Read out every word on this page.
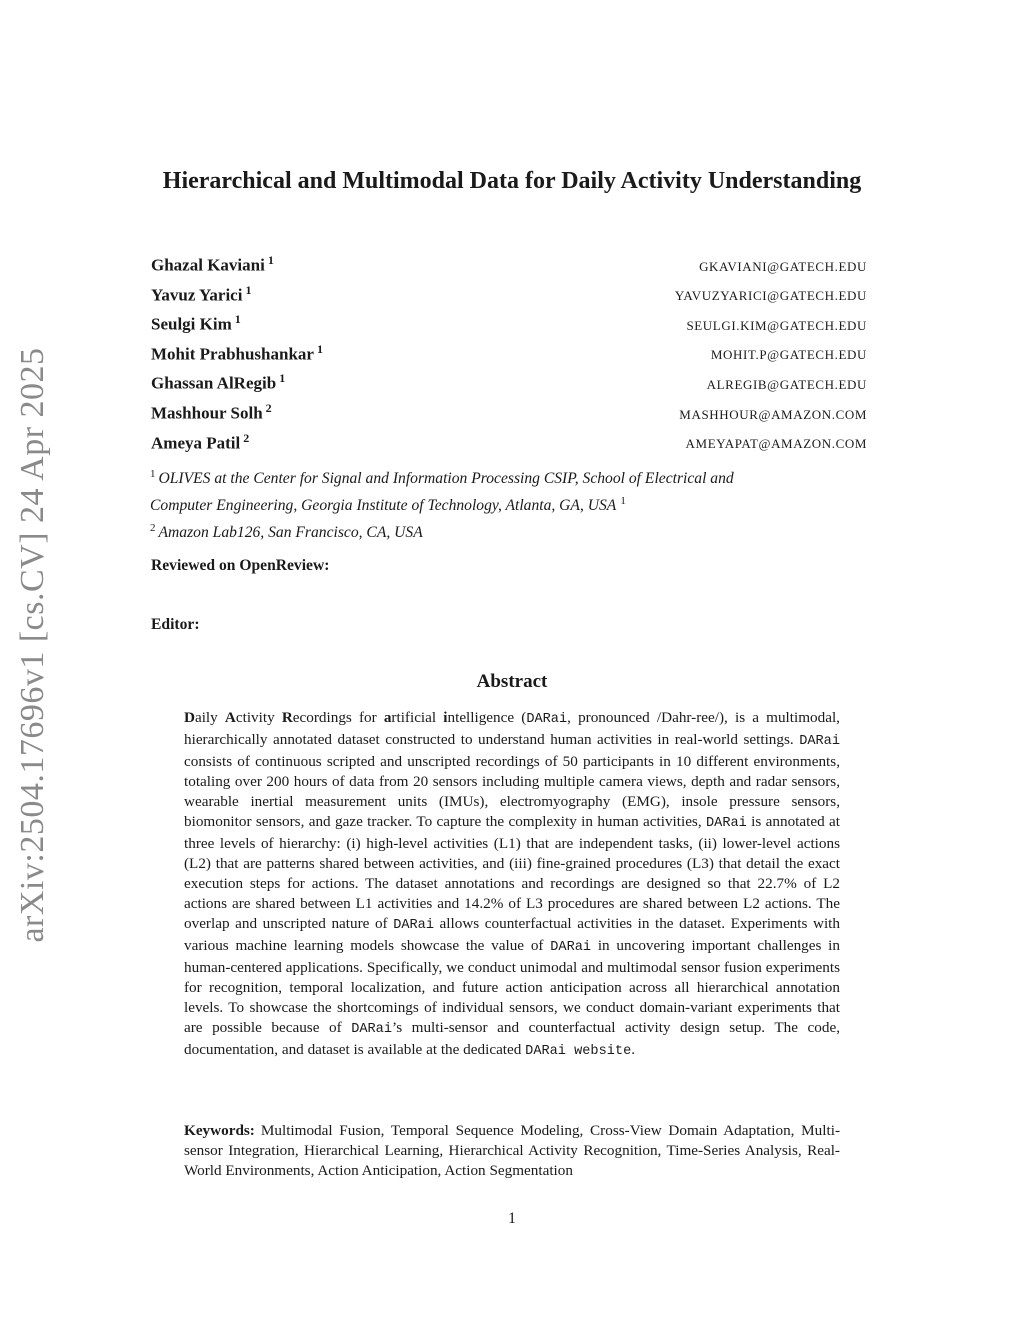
arXiv:2504.17696v1 [cs.CV] 24 Apr 2025
Hierarchical and Multimodal Data for Daily Activity Understanding
Ghazal Kaviani $^1$	GKAVIANI@GATECH.EDU
Yavuz Yarici $^1$	YAVUZYARICI@GATECH.EDU
Seulgi Kim $^1$	SEULGI.KIM@GATECH.EDU
Mohit Prabhushankar $^1$	MOHIT.P@GATECH.EDU
Ghassan AlRegib $^1$	ALREGIB@GATECH.EDU
Mashhour Solh $^2$	MASHHOUR@AMAZON.COM
Ameya Patil $^2$	AMEYAPAT@AMAZON.COM
$^1$ OLIVES at the Center for Signal and Information Processing CSIP, School of Electrical and
Computer Engineering, Georgia Institute of Technology, Atlanta, GA, USA $^1$
$^2$ Amazon Lab126, San Francisco, CA, USA
Reviewed on OpenReview:
Editor:
Abstract
Daily Activity Recordings for artificial intelligence (DARai, pronounced /Dahr-ree/), is a multimodal, hierarchically annotated dataset constructed to understand human activities in real-world settings. DARai consists of continuous scripted and unscripted recordings of 50 participants in 10 different environments, totaling over 200 hours of data from 20 sensors including multiple camera views, depth and radar sensors, wearable inertial measurement units (IMUs), electromyography (EMG), insole pressure sensors, biomonitor sensors, and gaze tracker. To capture the complexity in human activities, DARai is annotated at three levels of hierarchy: (i) high-level activities (L1) that are independent tasks, (ii) lower-level actions (L2) that are patterns shared between activities, and (iii) fine-grained procedures (L3) that detail the exact execution steps for actions. The dataset annotations and recordings are designed so that 22.7% of L2 actions are shared between L1 activities and 14.2% of L3 procedures are shared between L2 actions. The overlap and unscripted nature of DARai allows counterfactual activities in the dataset. Experiments with various machine learning models showcase the value of DARai in uncovering important challenges in human-centered applications. Specifically, we conduct unimodal and multimodal sensor fusion experiments for recognition, temporal localization, and future action anticipation across all hierarchical annotation levels. To showcase the shortcomings of individual sensors, we conduct domain-variant experiments that are possible because of DARai’s multi-sensor and counterfactual activity design setup. The code, documentation, and dataset is available at the dedicated DARai website.
Keywords: Multimodal Fusion, Temporal Sequence Modeling, Cross-View Domain Adaptation, Multi-sensor Integration, Hierarchical Learning, Hierarchical Activity Recognition, Time-Series Analysis, Real-World Environments, Action Anticipation, Action Segmentation
1
